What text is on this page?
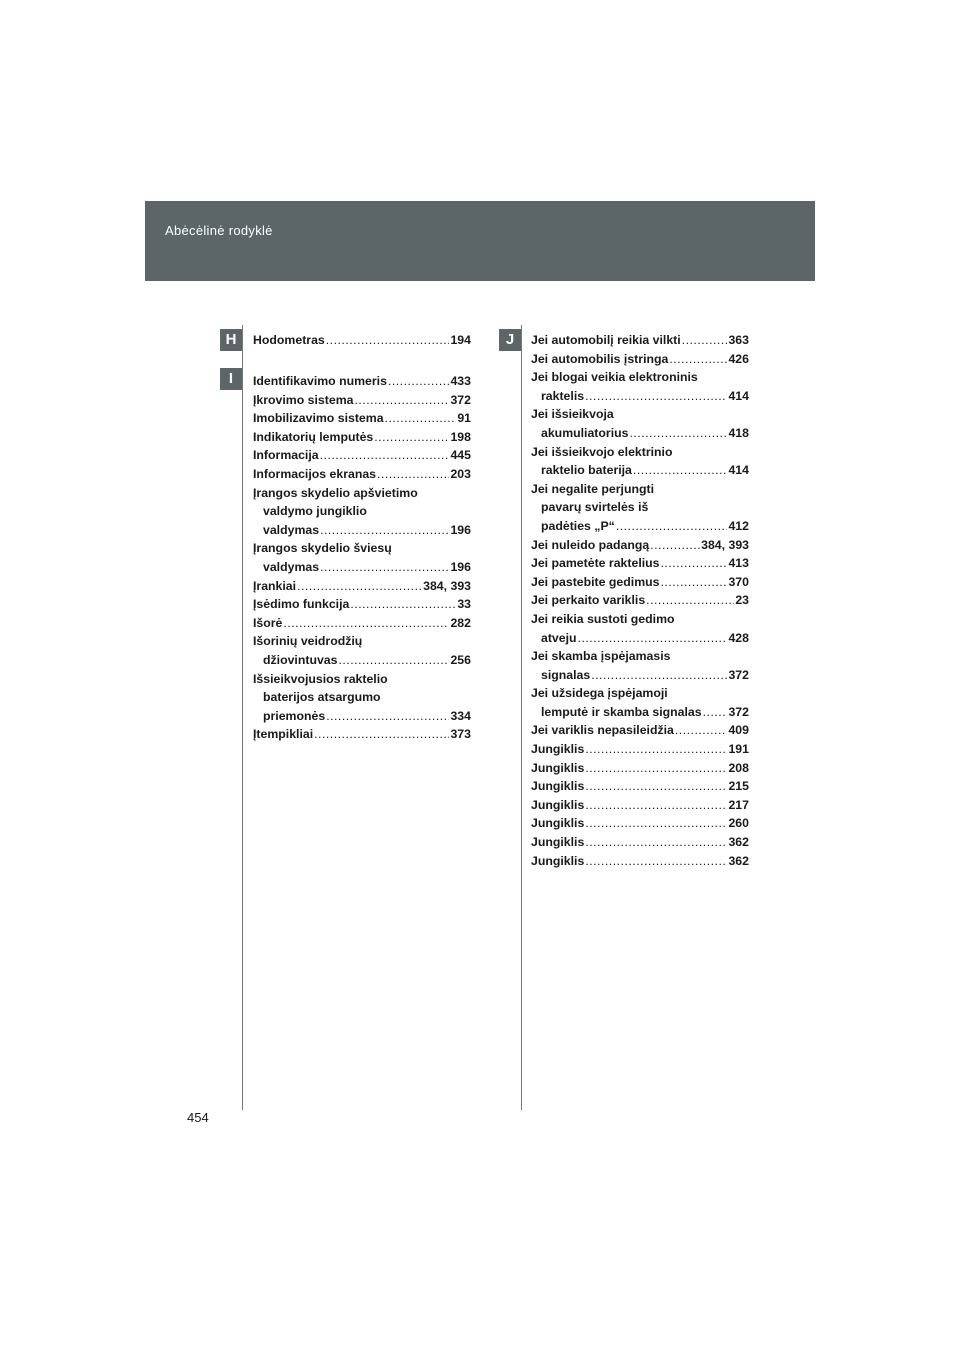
Abėcėlinė rodyklė
H
I
J
Hodometras .....	194
Identifikavimo numeris .....	433
Įkrovimo sistema .....	372
Imobilizavimo sistema .....	91
Indikatorių lemputės .....	198
Informacija .....	445
Informacijos ekranas .....	203
Įrangos skydelio apšvietimo
valdymo jungiklio
valdymas .....	196
Įrangos skydelio šviesų
valdymas .....	196
Įrankiai .....	384, 393
Įsėdimo funkcija .....	33
Išorė .....	282
Išorinių veidrodžių
džiovintuvas .....	256
Išsieikvojusios raktelio
baterijos atsargumo
priemonės .....	334
Įtempikliai .....	373
Jei automobilį reikia vilkti .....	363
Jei automobilis įstringa .....	426
Jei blogai veikia elektroninis
raktelis .....	414
Jei išsieikvoja
akumuliatorius .....	418
Jei išsieikvojo elektrinio
raktelio baterija .....	414
Jei negalite perjungti
pavarų svirtelės iš
padėties „P“ .....	412
Jei nuleido padangą .....	384, 393
Jei pametėte raktelius .....	413
Jei pastebite gedimus .....	370
Jei perkaito variklis .....	23
Jei reikia sustoti gedimo
atveju .....	428
Jei skamba įspėjamasis
signalas .....	372
Jei užsidega įspėjamoji
lemputė ir skamba signalas ..... 372
Jei variklis nepasileidžia .....	409
Jungiklis .....	191
Jungiklis .....	208
Jungiklis .....	215
Jungiklis .....	217
Jungiklis .....	260
Jungiklis .....	362
Jungiklis .....	362
454
